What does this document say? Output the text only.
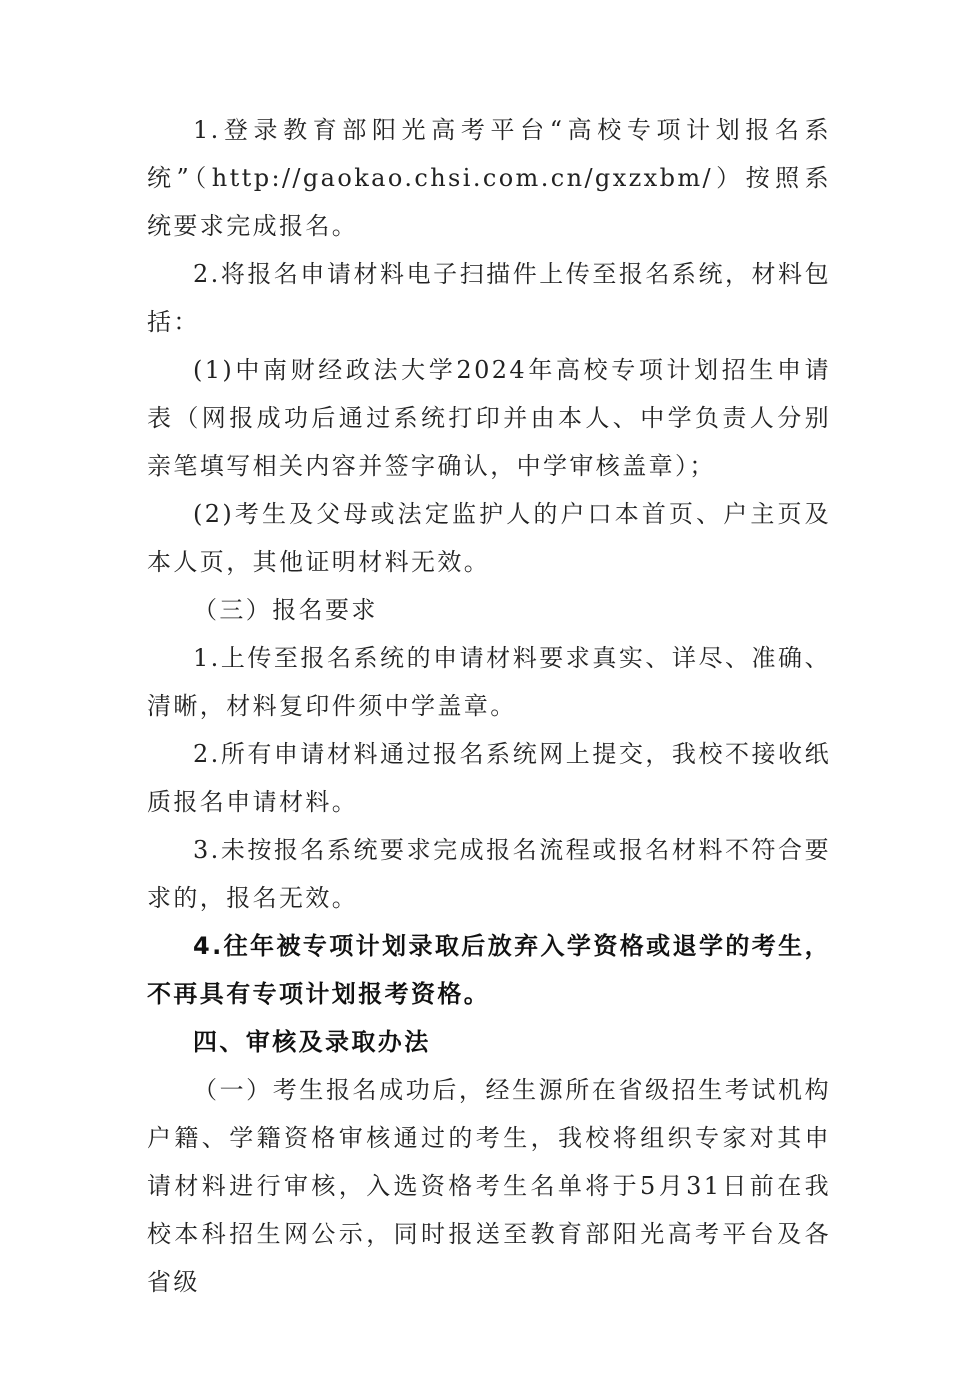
1.登录教育部阳光高考平台“高校专项计划报名系统”（http://gaokao.chsi.com.cn/gxzxbm/）按照系统要求完成报名。

2.将报名申请材料电子扫描件上传至报名系统，材料包括：

(1)中南财经政法大学2024年高校专项计划招生申请表（网报成功后通过系统打印并由本人、中学负责人分别亲笔填写相关内容并签字确认，中学审核盖章）；

(2)考生及父母或法定监护人的户口本首页、户主页及本人页，其他证明材料无效。

（三）报名要求

1.上传至报名系统的申请材料要求真实、详尽、准确、清晰，材料复印件须中学盖章。

2.所有申请材料通过报名系统网上提交，我校不接收纸质报名申请材料。

3.未按报名系统要求完成报名流程或报名材料不符合要求的，报名无效。

4.往年被专项计划录取后放弃入学资格或退学的考生，不再具有专项计划报考资格。

四、审核及录取办法

（一）考生报名成功后，经生源所在省级招生考试机构户籍、学籍资格审核通过的考生，我校将组织专家对其申请材料进行审核，入选资格考生名单将于5月31日前在我校本科招生网公示，同时报送至教育部阳光高考平台及各省级
